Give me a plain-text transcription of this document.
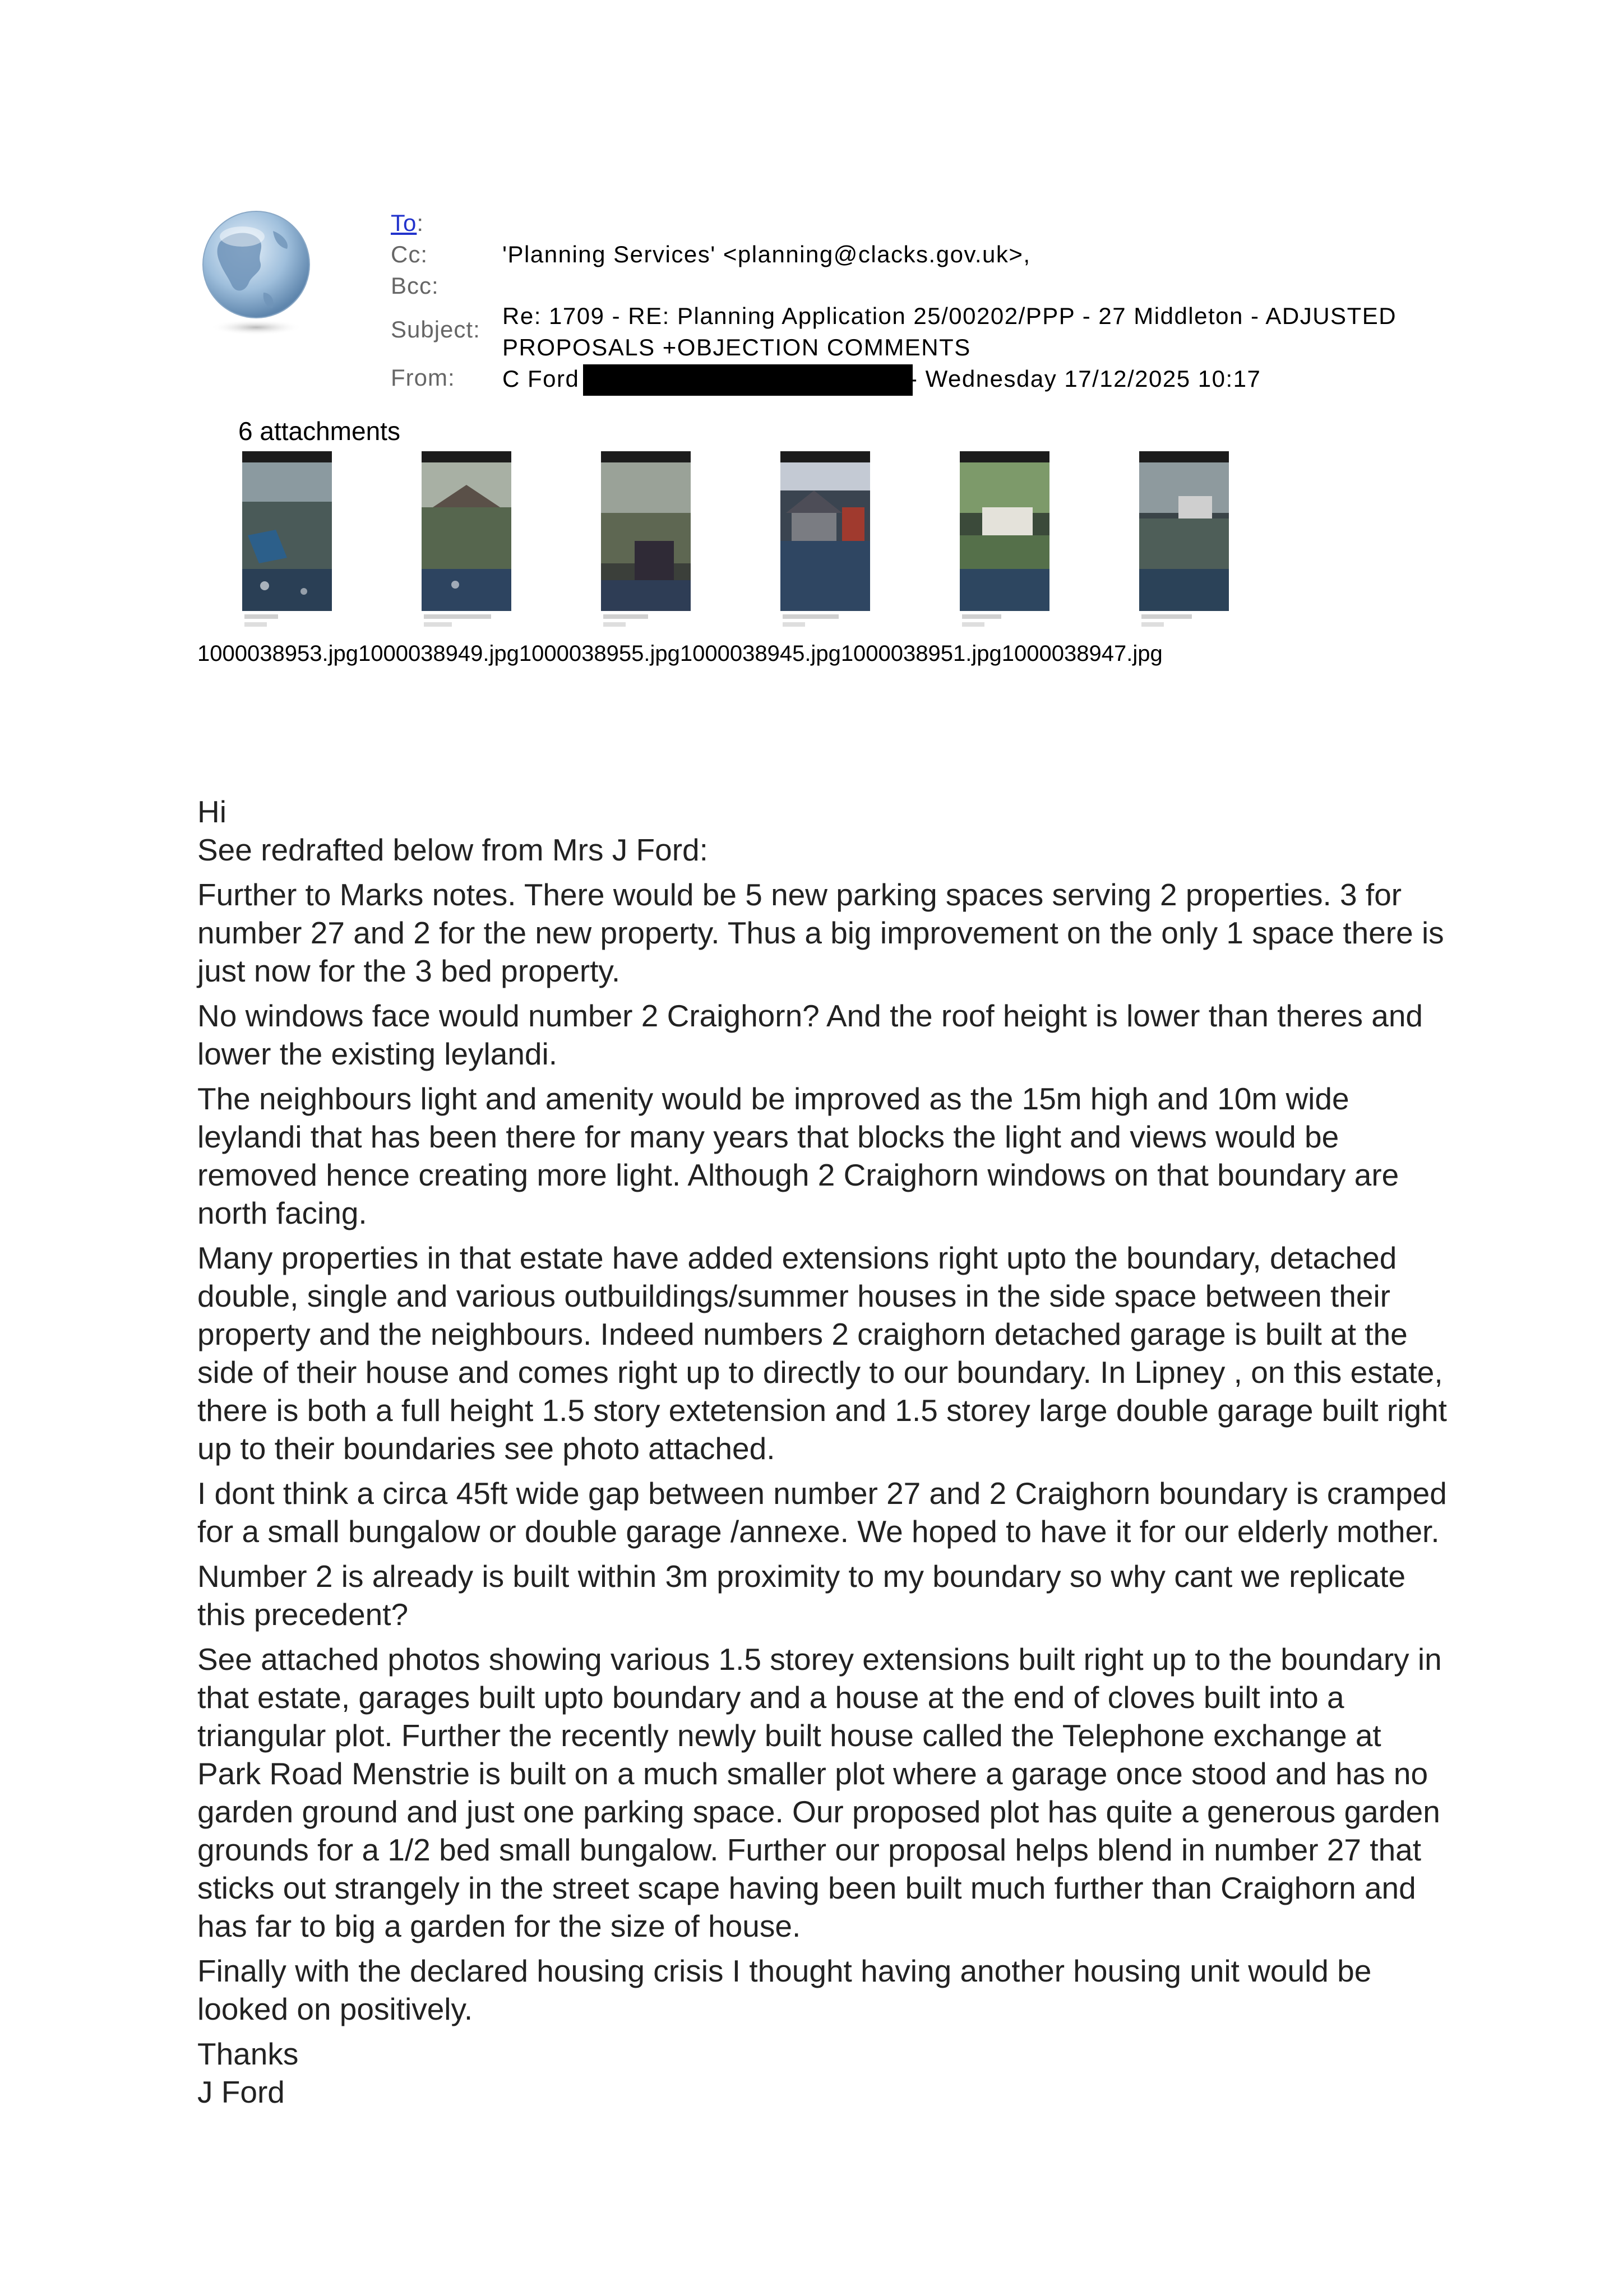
To:
Cc:	'Planning Services' <planning@clacks.gov.uk>,
Bcc:
Subject:
Re: 1709 - RE: Planning Application 25/00202/PPP - 27 Middleton - ADJUSTED
PROPOSALS +OBJECTION COMMENTS
From: C Ford	- Wednesday 17/12/2025 10:17
6 attachments
1000038953.jpg1000038949.jpg1000038955.jpg1000038945.jpg1000038951.jpg1000038947.jpg

Hi

See redrafted below from Mrs J Ford:

Further to Marks notes. There would be 5 new parking spaces serving 2 properties. 3 for number 27 and 2 for the new property. Thus a big improvement on the only 1 space there is just now for the 3 bed property.

No windows face would number 2 Craighorn? And the roof height is lower than theres and lower the existing leylandi.

The neighbours light and amenity would be improved as the 15m high and 10m wide leylandi that has been there for many years that blocks the light and views would be removed hence creating more light. Although 2 Craighorn windows on that boundary are north facing.

Many properties in that estate have added extensions right upto the boundary, detached double, single and various outbuildings/summer houses in the side space between their property and the neighbours. Indeed numbers 2 craighorn detached garage is built at the side of their house and comes right up to directly to our boundary. In Lipney , on this estate, there is both a full height 1.5 story extetension and 1.5 storey large double garage built right up to their boundaries see photo attached.

I dont think a circa 45ft wide gap between number 27 and 2 Craighorn boundary is cramped for a small bungalow or double garage /annexe. We hoped to have it for our elderly mother.

Number 2 is already is built within 3m proximity to my boundary so why cant we replicate this precedent?

See attached photos showing various 1.5 storey extensions built right up to the boundary in that estate, garages built upto boundary and a house at the end of cloves built into a triangular plot. Further the recently newly built house called the Telephone exchange at Park Road Menstrie is built on a much smaller plot where a garage once stood and has no garden ground and just one parking space. Our proposed plot has quite a generous garden grounds for a 1/2 bed small bungalow. Further our proposal helps blend in number 27 that sticks out strangely in the street scape having been built much further than Craighorn and has far to big a garden for the size of house.

Finally with the declared housing crisis I thought having another housing unit would be looked on positively.

Thanks

J Ford
